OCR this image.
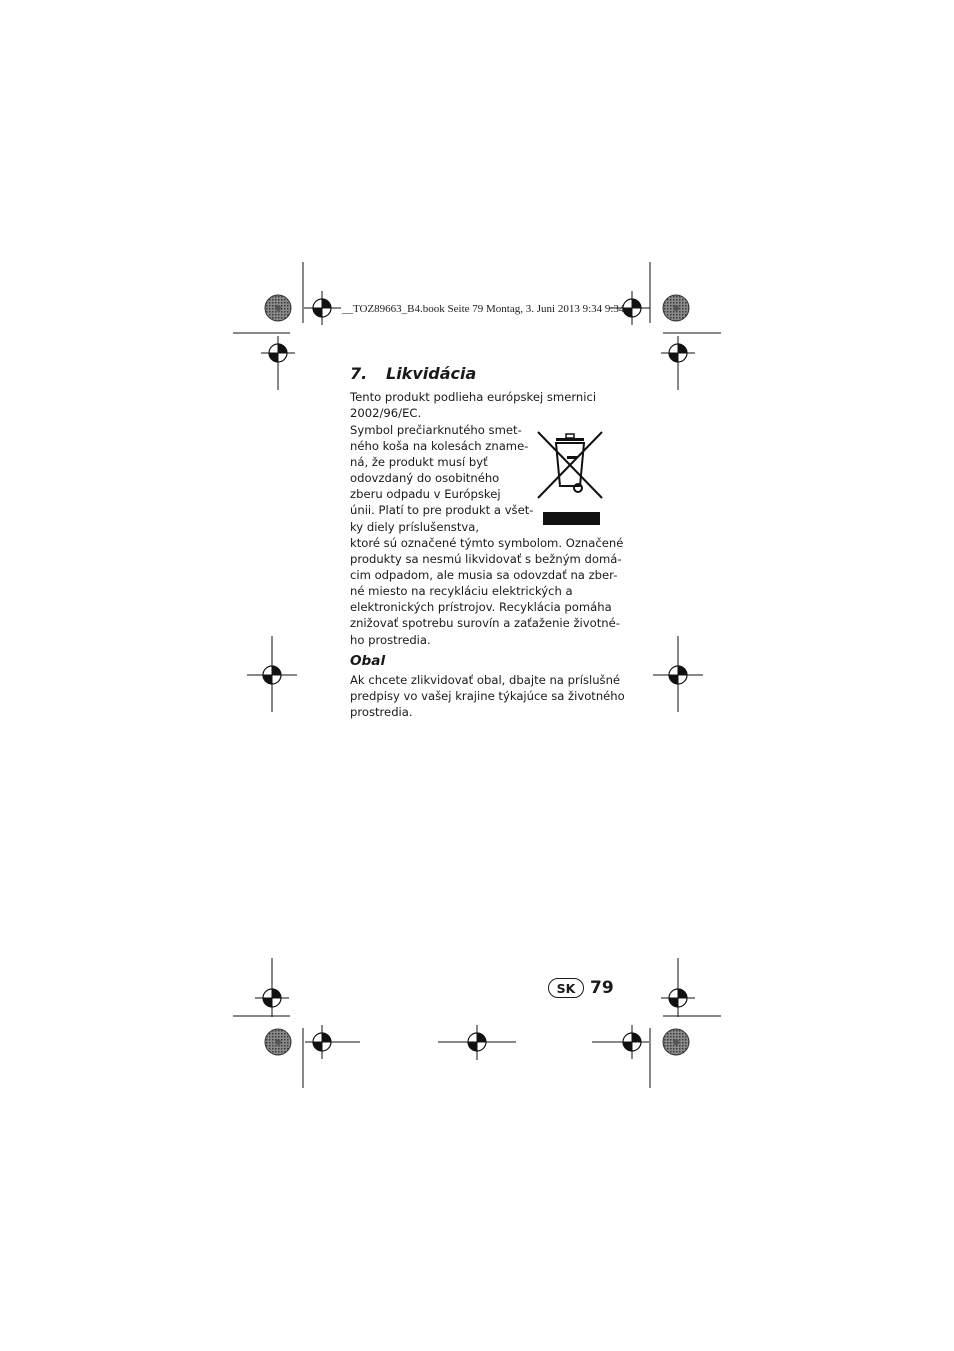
__TOZ89663_B4.book Seite 79 Montag, 3. Juni 2013 9:34 9:34
7. Likvidácia
Tento produkt podlieha európskej smernici
2002/96/EC.
Symbol prečiarknutého smet-
ného koša na kolesách zname-
ná, že produkt musí byť
odovzdaný do osobitného
zberu odpadu v Európskej
únii. Platí to pre produkt a všet-
ky diely príslušenstva,
ktoré sú označené týmto symbolom. Označené
produkty sa nesmú likvidovať s bežným domá-
cim odpadom, ale musia sa odovzdať na zber-
né miesto na recykláciu elektrických a
elektronických prístrojov. Recyklácia pomáha
znižovať spotrebu surovín a zaťaženie životné-
ho prostredia.
Obal
Ak chcete zlikvidovať obal, dbajte na príslušné
predpisy vo vašej krajine týkajúce sa životného
prostredia.
SK 79
